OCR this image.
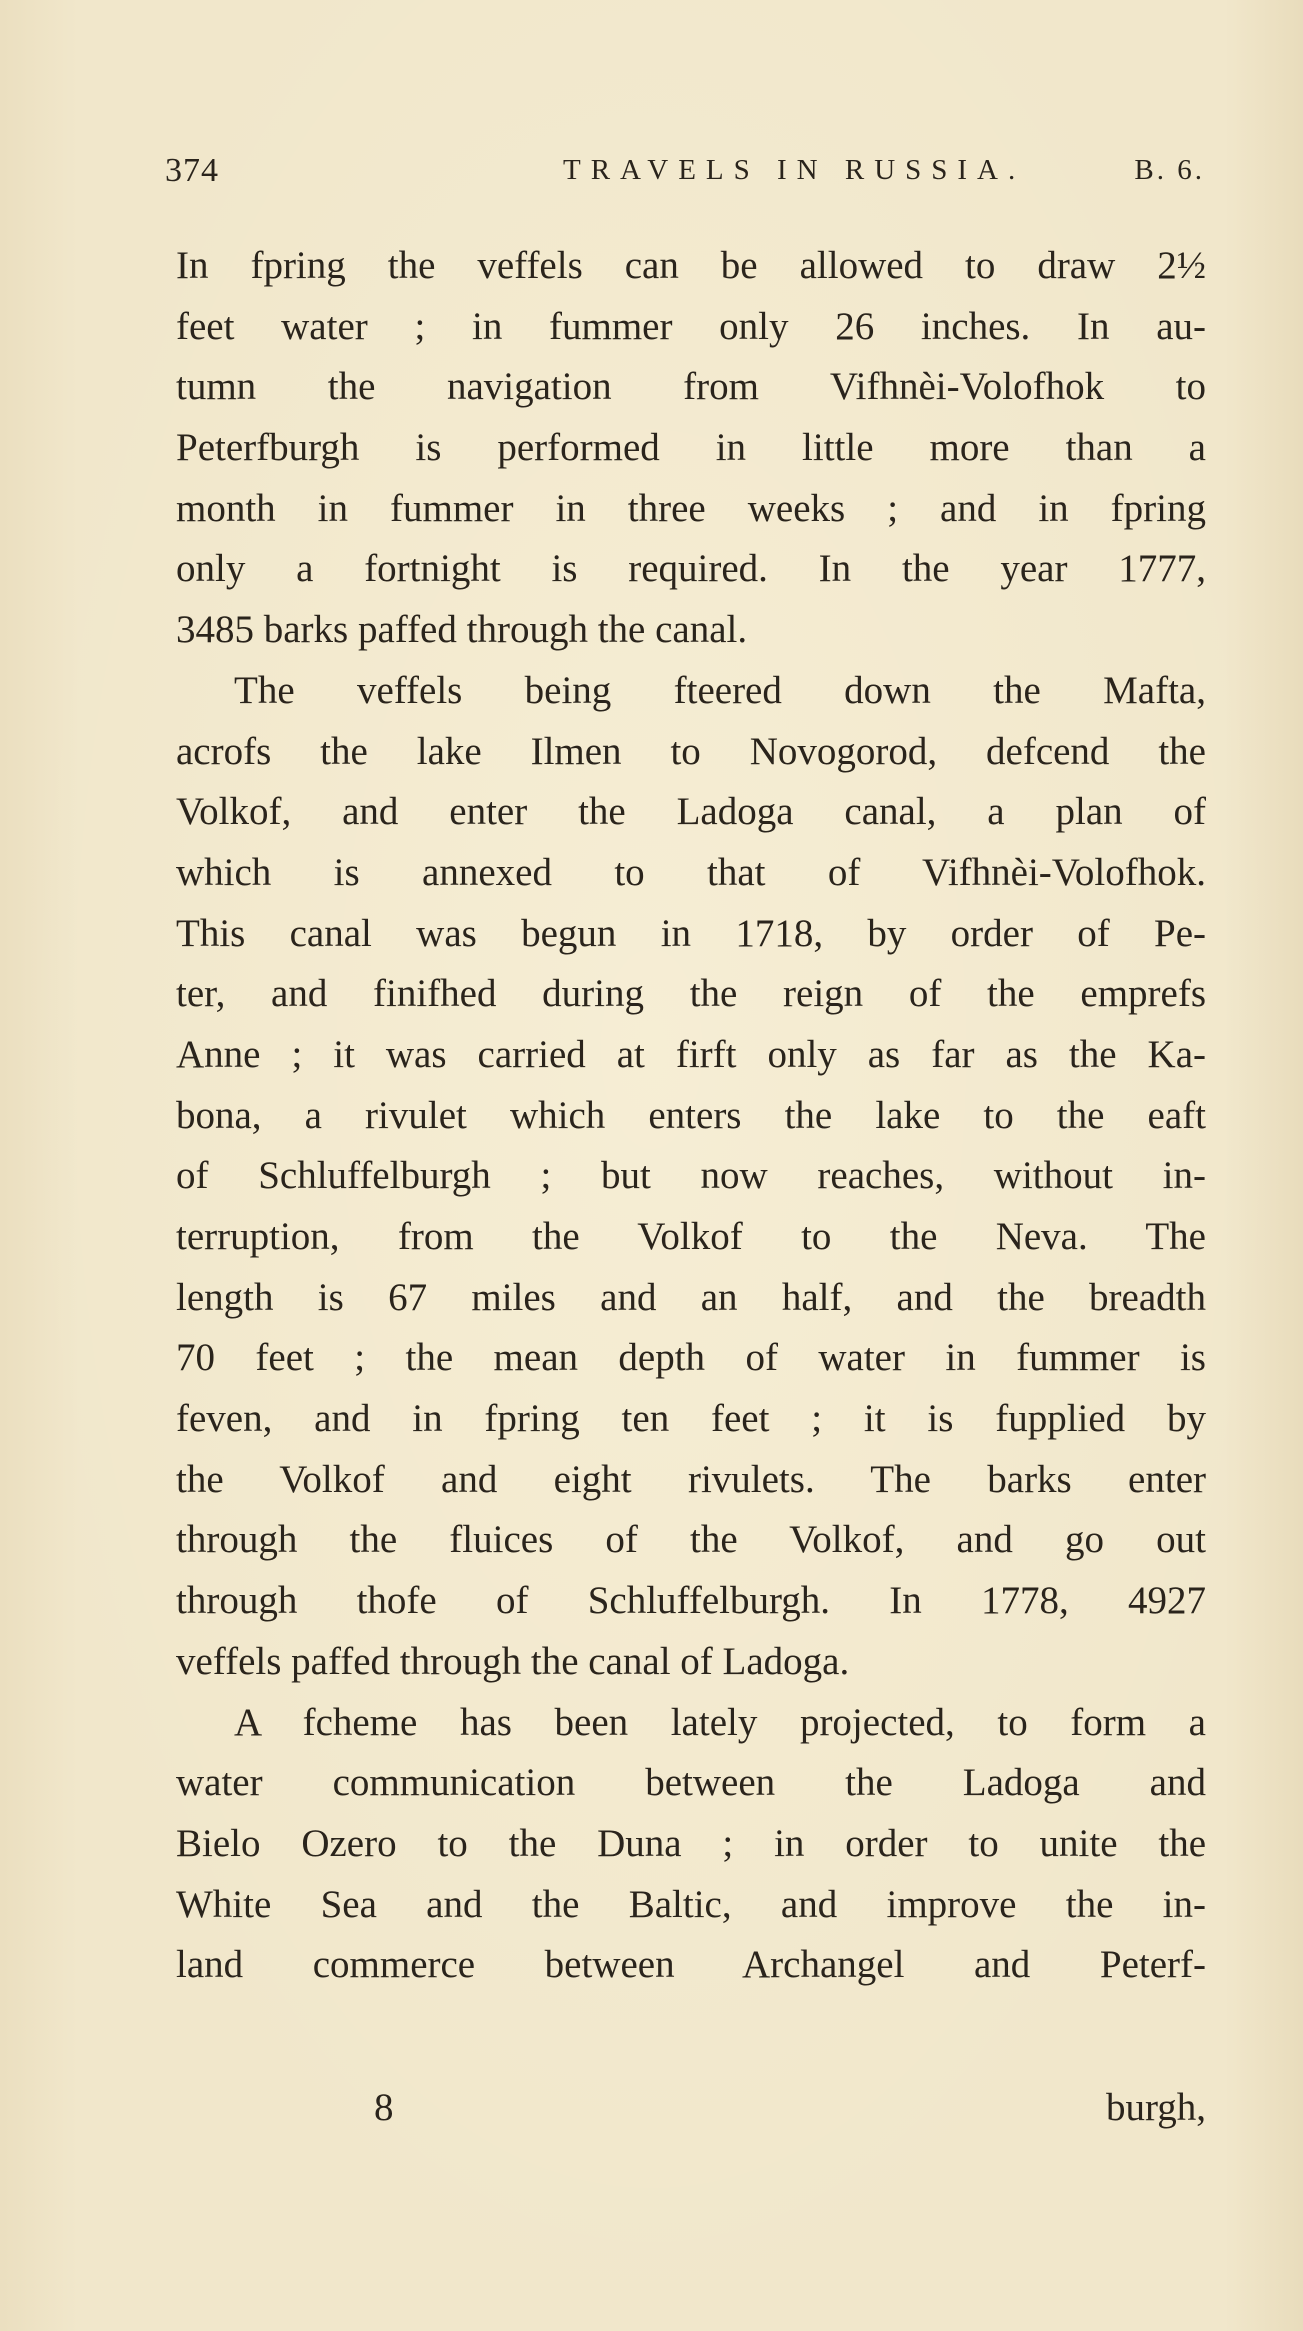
374	TRAVELS IN RUSSIA.	B. 6.
In fpring the veffels can be allowed to draw 2½
feet water ; in fummer only 26 inches. In au-
tumn the navigation from Vifhnèi-Volofhok to
Peterfburgh is performed in little more than a
month in fummer in three weeks ; and in fpring
only a fortnight is required. In the year 1777,
3485 barks paffed through the canal.
The veffels being fteered down the Mafta,
acrofs the lake Ilmen to Novogorod, defcend the
Volkof, and enter the Ladoga canal, a plan of
which is annexed to that of Vifhnèi-Volofhok.
This canal was begun in 1718, by order of Pe-
ter, and finifhed during the reign of the emprefs
Anne ; it was carried at firft only as far as the Ka-
bona, a rivulet which enters the lake to the eaft
of Schluffelburgh ; but now reaches, without in-
terruption, from the Volkof to the Neva. The
length is 67 miles and an half, and the breadth
70 feet ; the mean depth of water in fummer is
feven, and in fpring ten feet ; it is fupplied by
the Volkof and eight rivulets. The barks enter
through the fluices of the Volkof, and go out
through thofe of Schluffelburgh. In 1778, 4927
veffels paffed through the canal of Ladoga.
A fcheme has been lately projected, to form a
water communication between the Ladoga and
Bielo Ozero to the Duna ; in order to unite the
White Sea and the Baltic, and improve the in-
land commerce between Archangel and Peterf-
8	burgh,
